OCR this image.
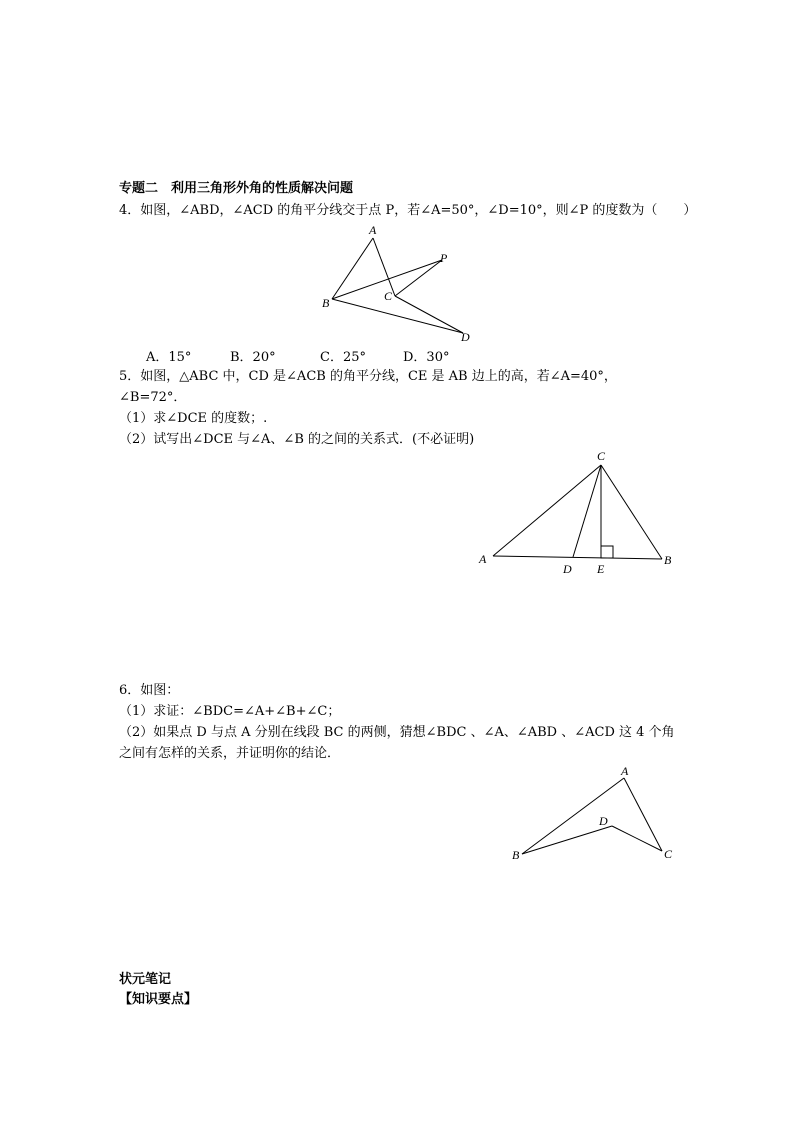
专题二　利用三角形外角的性质解决问题
4．如图，∠ABD，∠ACD 的角平分线交于点 P，若∠A=50°，∠D=10°，则∠P 的度数为（　　）
A
P
B	C
D
A．15°	B．20°	C．25°	D．30°
5．如图，△ABC 中，CD 是∠ACB 的角平分线，CE 是 AB 边上的高，若∠A=40°，
∠B=72°．
（1）求∠DCE 的度数；.
（2）试写出∠DCE 与∠A、∠B 的之间的关系式．(不必证明)
C
A
D E
B
6．如图：
（1）求证：∠BDC=∠A+∠B+∠C；
（2）如果点 D 与点 A 分别在线段 BC 的两侧，猜想∠BDC 、∠A、∠ABD 、∠ACD 这 4 个角
之间有怎样的关系，并证明你的结论．
A
D
B	C
状元笔记
【知识要点】
